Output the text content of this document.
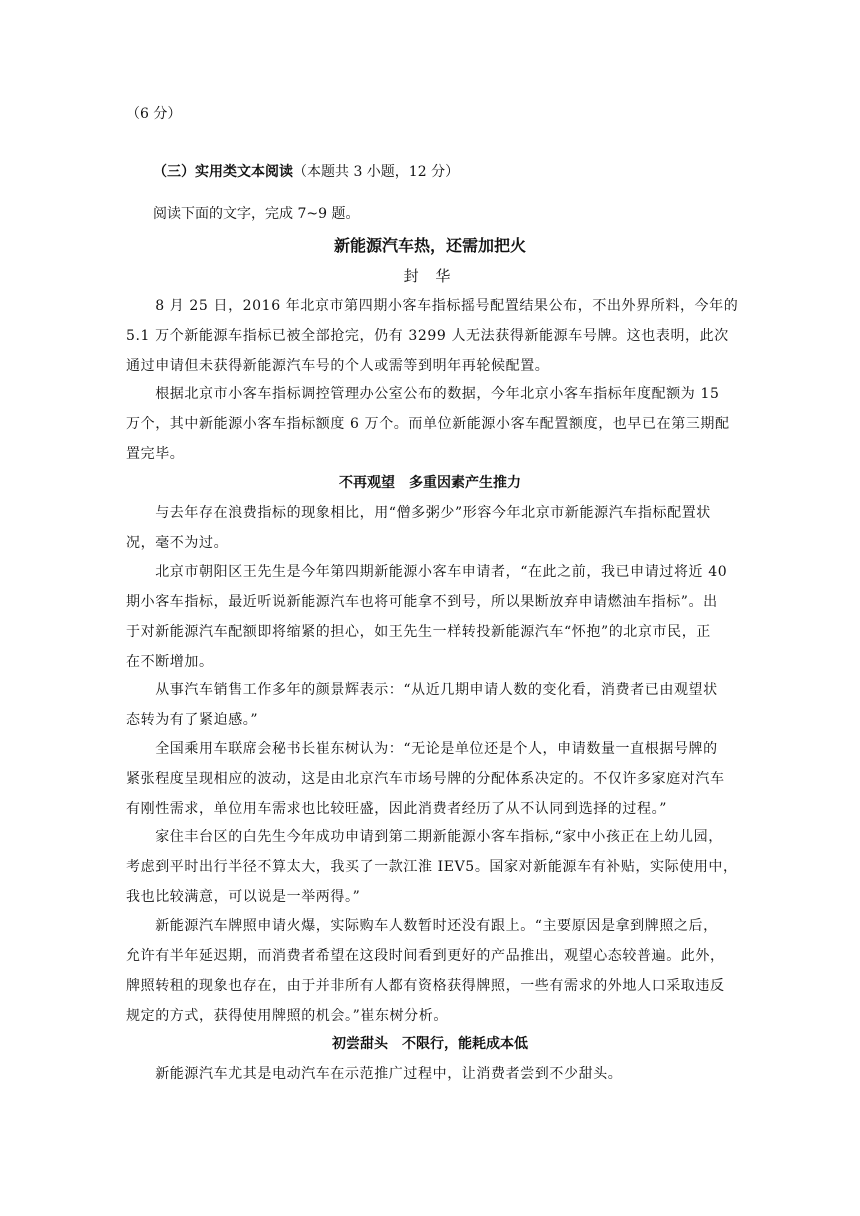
（6 分）
（三）实用类文本阅读（本题共 3 小题，12 分）
阅读下面的文字，完成 7~9 题。
新能源汽车热，还需加把火
封 华
　　8 月 25 日，2016 年北京市第四期小客车指标摇号配置结果公布，不出外界所料，今年的
5.1 万个新能源车指标已被全部抢完，仍有 3299 人无法获得新能源车号牌。这也表明，此次
通过申请但未获得新能源汽车号的个人或需等到明年再轮候配置。
　　根据北京市小客车指标调控管理办公室公布的数据，今年北京小客车指标年度配额为 15
万个，其中新能源小客车指标额度 6 万个。而单位新能源小客车配置额度，也早已在第三期配
置完毕。
不再观望　多重因素产生推力
　　与去年存在浪费指标的现象相比，用“僧多粥少”形容今年北京市新能源汽车指标配置状
况，毫不为过。
　　北京市朝阳区王先生是今年第四期新能源小客车申请者，“在此之前，我已申请过将近 40
期小客车指标，最近听说新能源汽车也将可能拿不到号，所以果断放弃申请燃油车指标”。出
于对新能源汽车配额即将缩紧的担心，如王先生一样转投新能源汽车“怀抱”的北京市民，正
在不断增加。
　　从事汽车销售工作多年的颜景辉表示：“从近几期申请人数的变化看，消费者已由观望状
态转为有了紧迫感。”
　　全国乘用车联席会秘书长崔东树认为：“无论是单位还是个人，申请数量一直根据号牌的
紧张程度呈现相应的波动，这是由北京汽车市场号牌的分配体系决定的。不仅许多家庭对汽车
有刚性需求，单位用车需求也比较旺盛，因此消费者经历了从不认同到选择的过程。”
　　家住丰台区的白先生今年成功申请到第二期新能源小客车指标,“家中小孩正在上幼儿园，
考虑到平时出行半径不算太大，我买了一款江淮 IEV5。国家对新能源车有补贴，实际使用中，
我也比较满意，可以说是一举两得。”
　　新能源汽车牌照申请火爆，实际购车人数暂时还没有跟上。“主要原因是拿到牌照之后，
允许有半年延迟期，而消费者希望在这段时间看到更好的产品推出，观望心态较普遍。此外，
牌照转租的现象也存在，由于并非所有人都有资格获得牌照，一些有需求的外地人口采取违反
规定的方式，获得使用牌照的机会。”崔东树分析。
初尝甜头　不限行，能耗成本低
　　新能源汽车尤其是电动汽车在示范推广过程中，让消费者尝到不少甜头。
